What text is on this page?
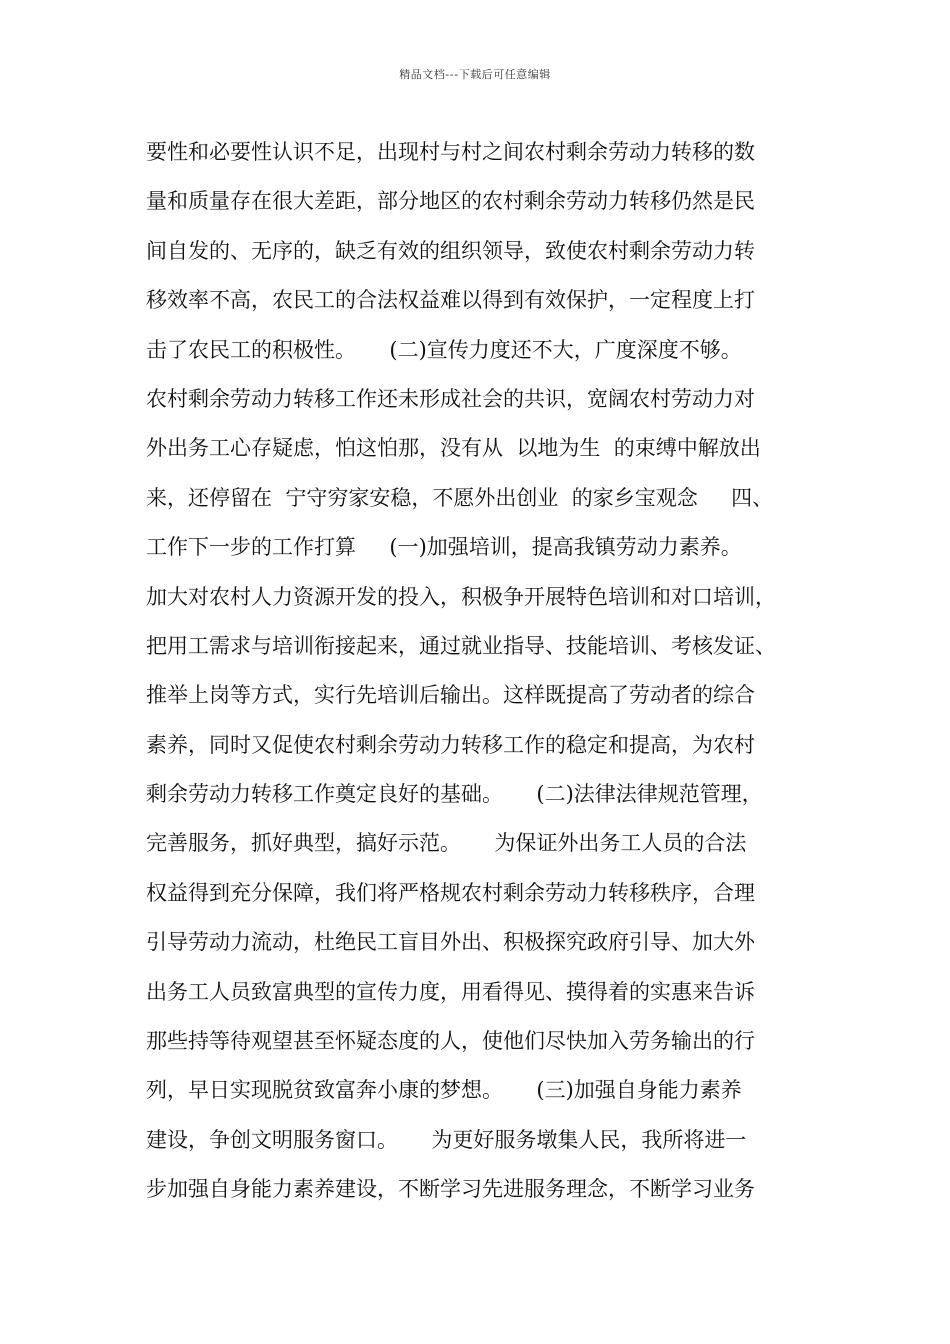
精品文档---下载后可任意编辑
要性和必要性认识不足，出现村与村之间农村剩余劳动力转移的数
量和质量存在很大差距，部分地区的农村剩余劳动力转移仍然是民
间自发的、无序的，缺乏有效的组织领导，致使农村剩余劳动力转
移效率不高，农民工的合法权益难以得到有效保护，一定程度上打
击了农民工的积极性。     (二)宣传力度还不大，广度深度不够。
农村剩余劳动力转移工作还未形成社会的共识，宽阔农村劳动力对
外出务工心存疑虑，怕这怕那，没有从  以地为生  的束缚中解放出
来，还停留在  宁守穷家安稳，不愿外出创业  的家乡宝观念     四、
工作下一步的工作打算     (一)加强培训，提高我镇劳动力素养。
加大对农村人力资源开发的投入，积极争开展特色培训和对口培训，
把用工需求与培训衔接起来，通过就业指导、技能培训、考核发证、
推举上岗等方式，实行先培训后输出。这样既提高了劳动者的综合
素养，同时又促使农村剩余劳动力转移工作的稳定和提高，为农村
剩余劳动力转移工作奠定良好的基础。     (二)法律法律规范管理，
完善服务，抓好典型，搞好示范。     为保证外出务工人员的合法
权益得到充分保障，我们将严格规农村剩余劳动力转移秩序，合理
引导劳动力流动，杜绝民工盲目外出、积极探究政府引导、加大外
出务工人员致富典型的宣传力度，用看得见、摸得着的实惠来告诉
那些持等待观望甚至怀疑态度的人，使他们尽快加入劳务输出的行
列，早日实现脱贫致富奔小康的梦想。     (三)加强自身能力素养
建设，争创文明服务窗口。     为更好服务墩集人民，我所将进一
步加强自身能力素养建设，不断学习先进服务理念，不断学习业务
